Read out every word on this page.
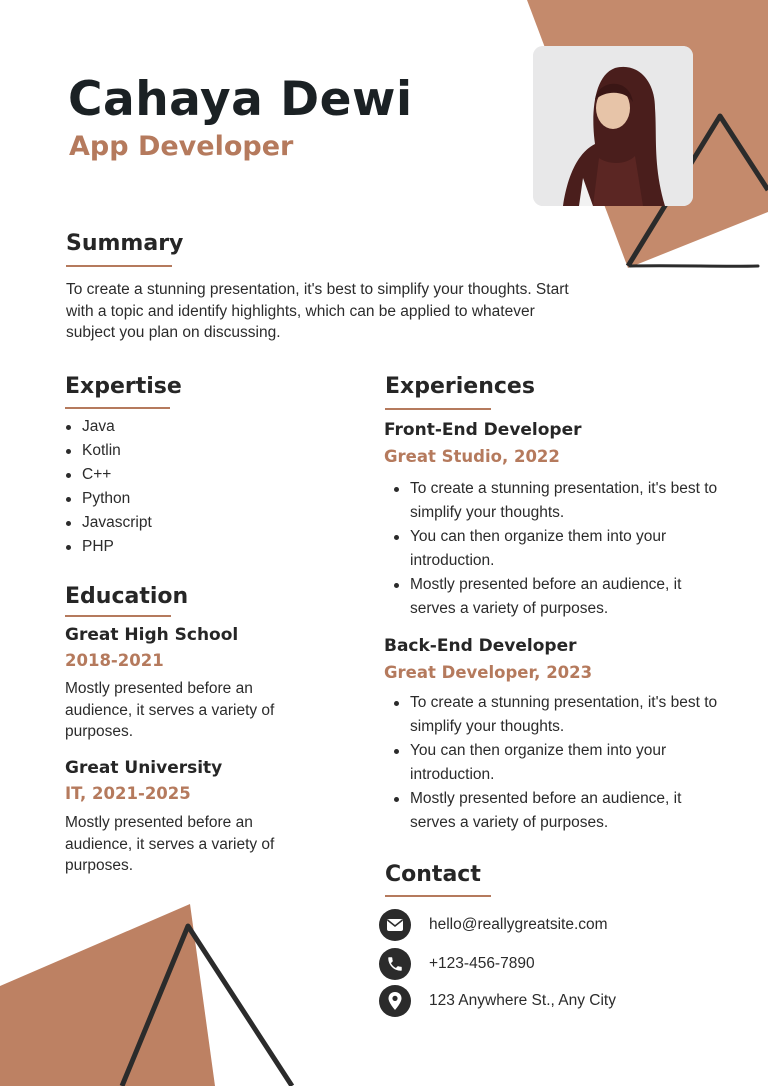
Cahaya Dewi
App Developer
Summary

To create a stunning presentation, it's best to simplify your thoughts. Start with a topic and identify highlights, which can be applied to whatever subject you plan on discussing.

Expertise
Java
Kotlin
C++
Python
Javascript
PHP
Education
Great High School
2018-2021

Mostly presented before an audience, it serves a variety of purposes.

Great University
IT, 2021-2025

Mostly presented before an audience, it serves a variety of purposes.

Experiences
Front-End Developer
Great Studio, 2022
To create a stunning presentation, it's best to simplify your thoughts.
You can then organize them into your introduction.
Mostly presented before an audience, it serves a variety of purposes.
Back-End Developer
Great Developer, 2023
To create a stunning presentation, it's best to simplify your thoughts.
You can then organize them into your introduction.
Mostly presented before an audience, it serves a variety of purposes.
Contact
hello@reallygreatsite.com
+123-456-7890
123 Anywhere St., Any City
